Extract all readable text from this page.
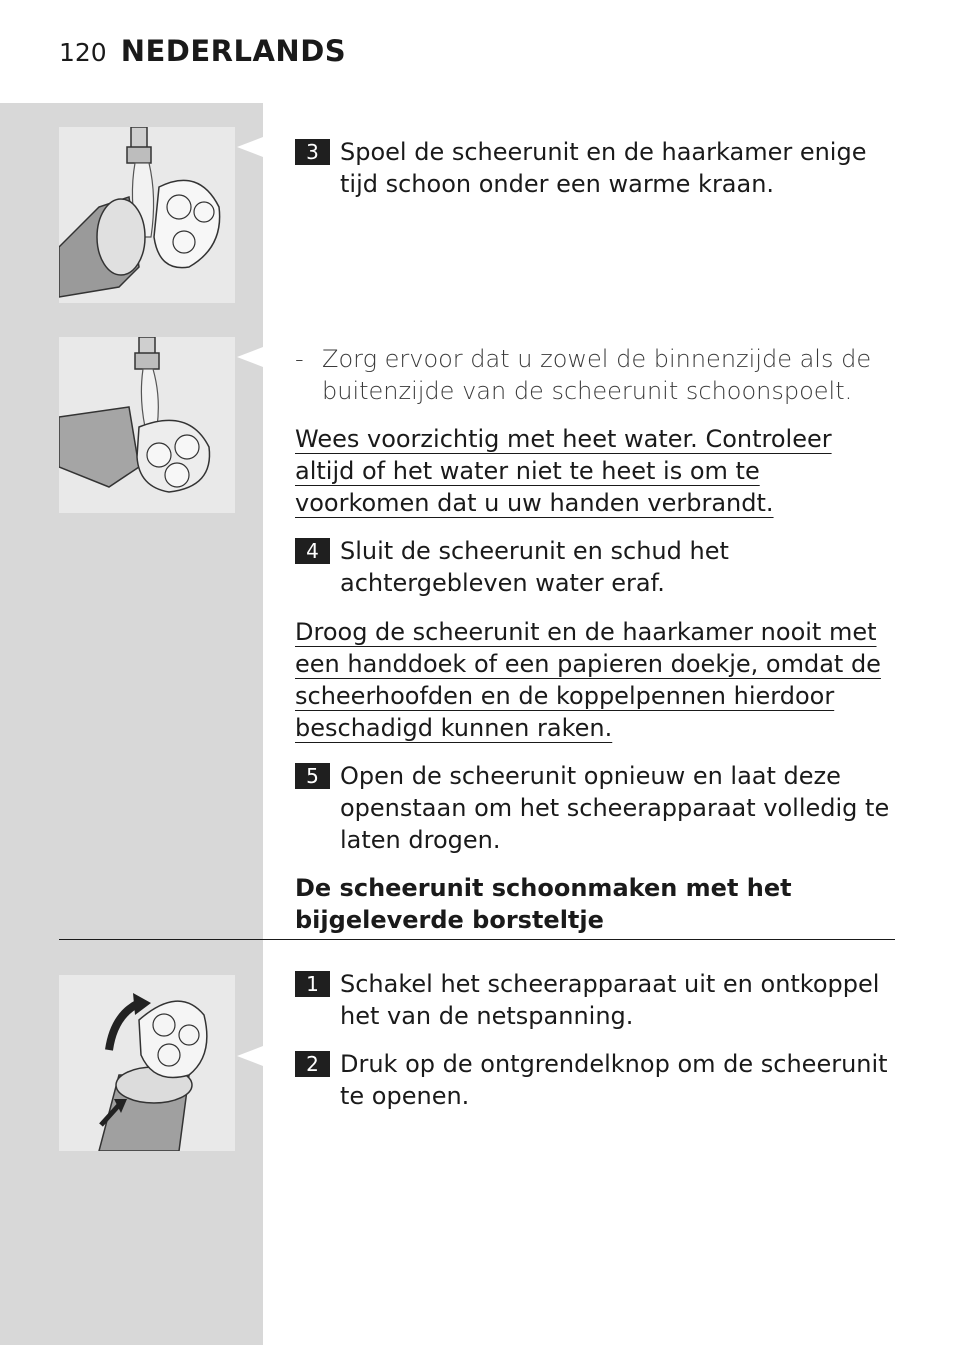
120 NEDERLANDS
3 Spoel de scheerunit en de haarkamer enige tijd schoon onder een warme kraan.
- Zorg ervoor dat u zowel de binnenzijde als de buitenzijde van de scheerunit schoonspoelt.
Wees voorzichtig met heet water. Controleer altijd of het water niet te heet is om te voorkomen dat u uw handen verbrandt.
4 Sluit de scheerunit en schud het achtergebleven water eraf.
Droog de scheerunit en de haarkamer nooit met een handdoek of een papieren doekje, omdat de scheerhoofden en de koppelpennen hierdoor beschadigd kunnen raken.
5 Open de scheerunit opnieuw en laat deze openstaan om het scheerapparaat volledig te laten drogen.
De scheerunit schoonmaken met het bijgeleverde borsteltje
1 Schakel het scheerapparaat uit en ontkoppel het van de netspanning.
2 Druk op de ontgrendelknop om de scheerunit te openen.
